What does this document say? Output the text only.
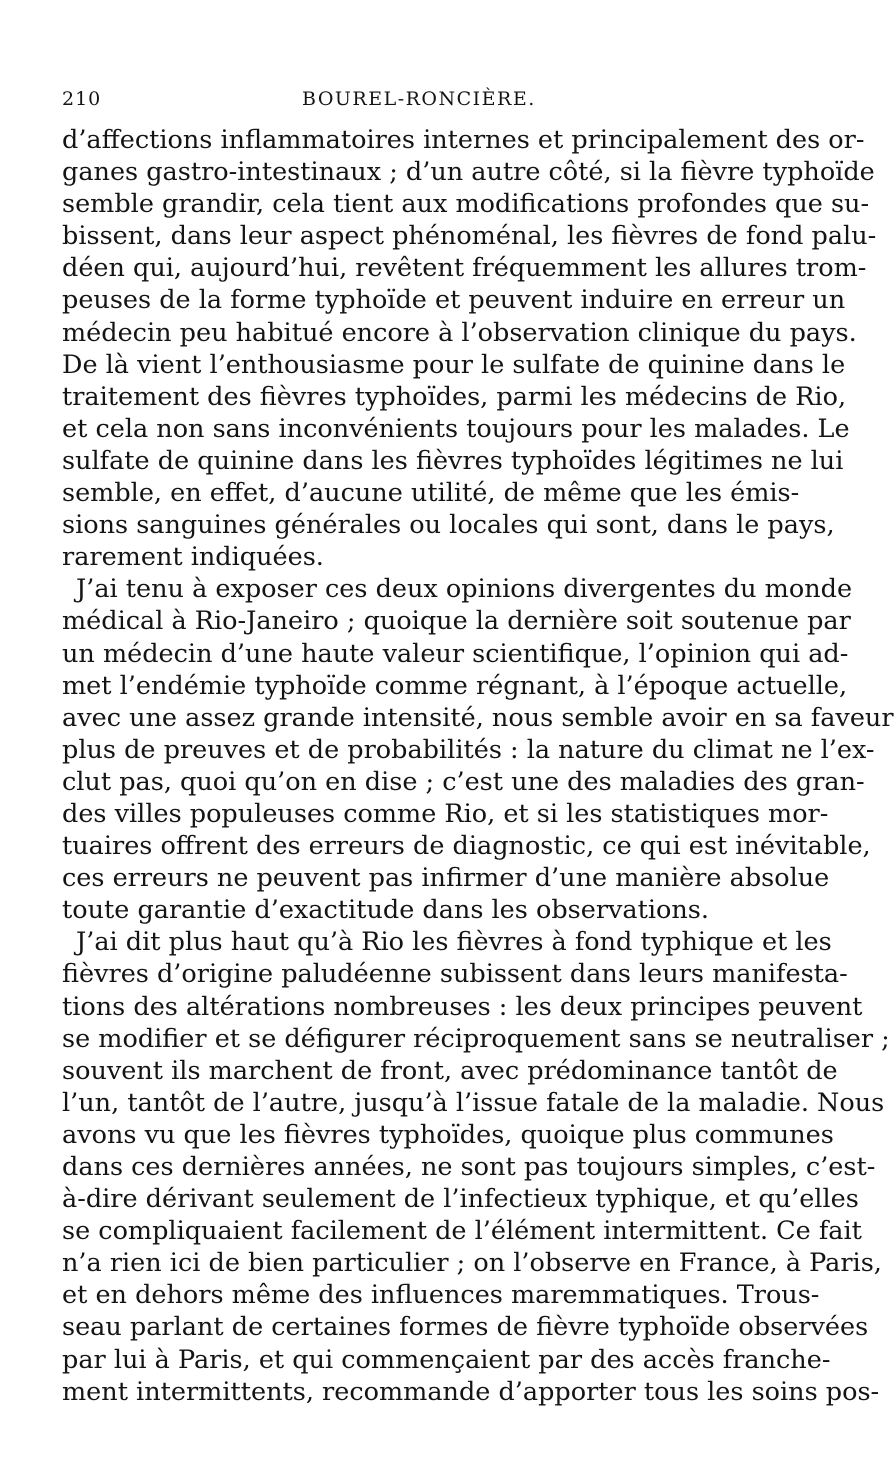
210	BOUREL-RONCIÈRE.
d’affections inflammatoires internes et principalement des or-
ganes gastro-intestinaux ; d’un autre côté, si la fièvre typhoïde
semble grandir, cela tient aux modifications profondes que su-
bissent, dans leur aspect phénoménal, les fièvres de fond palu-
déen qui, aujourd’hui, revêtent fréquemment les allures trom-
peuses de la forme typhoïde et peuvent induire en erreur un
médecin peu habitué encore à l’observation clinique du pays.
De là vient l’enthousiasme pour le sulfate de quinine dans le
traitement des fièvres typhoïdes, parmi les médecins de Rio,
et cela non sans inconvénients toujours pour les malades. Le
sulfate de quinine dans les fièvres typhoïdes légitimes ne lui
semble, en effet, d’aucune utilité, de même que les émis-
sions sanguines générales ou locales qui sont, dans le pays,
rarement indiquées.
J’ai tenu à exposer ces deux opinions divergentes du monde
médical à Rio-Janeiro ; quoique la dernière soit soutenue par
un médecin d’une haute valeur scientifique, l’opinion qui ad-
met l’endémie typhoïde comme régnant, à l’époque actuelle,
avec une assez grande intensité, nous semble avoir en sa faveur
plus de preuves et de probabilités : la nature du climat ne l’ex-
clut pas, quoi qu’on en dise ; c’est une des maladies des gran-
des villes populeuses comme Rio, et si les statistiques mor-
tuaires offrent des erreurs de diagnostic, ce qui est inévitable,
ces erreurs ne peuvent pas infirmer d’une manière absolue
toute garantie d’exactitude dans les observations.
J’ai dit plus haut qu’à Rio les fièvres à fond typhique et les
fièvres d’origine paludéenne subissent dans leurs manifesta-
tions des altérations nombreuses : les deux principes peuvent
se modifier et se défigurer réciproquement sans se neutraliser ;
souvent ils marchent de front, avec prédominance tantôt de
l’un, tantôt de l’autre, jusqu’à l’issue fatale de la maladie. Nous
avons vu que les fièvres typhoïdes, quoique plus communes
dans ces dernières années, ne sont pas toujours simples, c’est-
à-dire dérivant seulement de l’infectieux typhique, et qu’elles
se compliquaient facilement de l’élément intermittent. Ce fait
n’a rien ici de bien particulier ; on l’observe en France, à Paris,
et en dehors même des influences maremmatiques. Trous-
seau parlant de certaines formes de fièvre typhoïde observées
par lui à Paris, et qui commençaient par des accès franche-
ment intermittents, recommande d’apporter tous les soins pos-
